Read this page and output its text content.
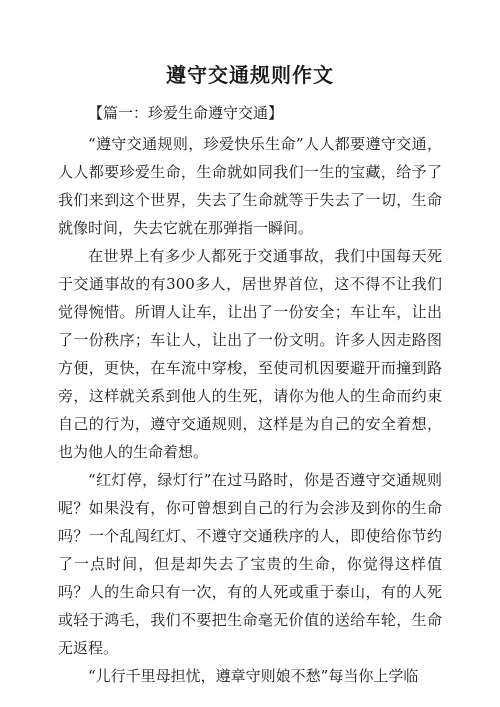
遵守交通规则作文
【篇一：珍爱生命遵守交通】

“遵守交通规则，珍爱快乐生命”人人都要遵守交通，人人都要珍爱生命，生命就如同我们一生的宝藏，给予了我们来到这个世界，失去了生命就等于失去了一切，生命就像时间，失去它就在那弹指一瞬间。

在世界上有多少人都死于交通事故，我们中国每天死于交通事故的有300多人，居世界首位，这不得不让我们觉得惋惜。所谓人让车，让出了一份安全；车让车，让出了一份秩序；车让人，让出了一份文明。许多人因走路图方便，更快，在车流中穿梭，至使司机因要避开而撞到路旁，这样就关系到他人的生死，请你为他人的生命而约束自己的行为，遵守交通规则，这样是为自己的安全着想，也为他人的生命着想。

“红灯停，绿灯行”在过马路时，你是否遵守交通规则呢？如果没有，你可曾想到自己的行为会涉及到你的生命吗？一个乱闯红灯、不遵守交通秩序的人，即使给你节约了一点时间，但是却失去了宝贵的生命，你觉得这样值吗？人的生命只有一次，有的人死或重于泰山，有的人死或轻于鸿毛，我们不要把生命毫无价值的送给车轮，生命无返程。

“儿行千里母担忧，遵章守则娘不愁”每当你上学临
